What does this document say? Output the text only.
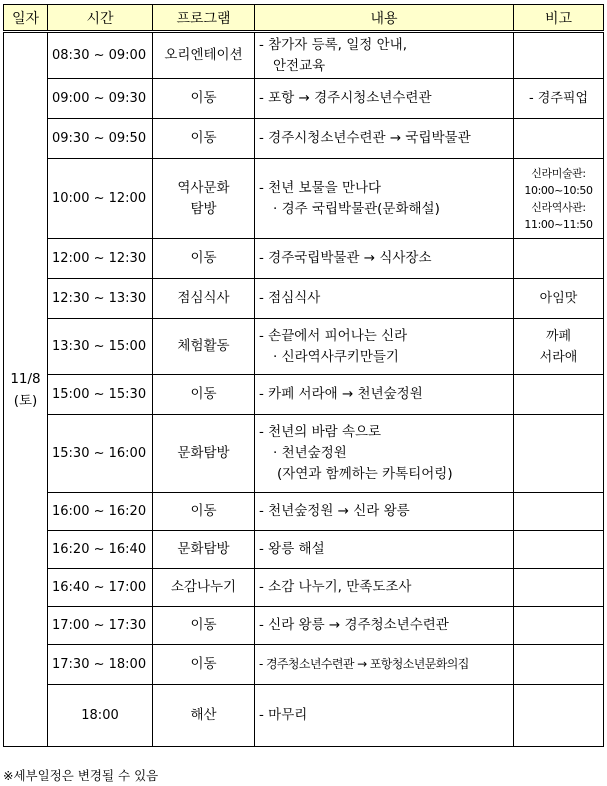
일자	시간	프로그램	내용	비고

11/8
(토)	08:30 ~ 09:00	오리엔테이션	- 참가자 등록, 일정 안내,
안전교육	

	09:00 ~ 09:30	이동	- 포항 → 경주시청소년수련관	- 경주픽업

	09:30 ~ 09:50	이동	- 경주시청소년수련관 → 국립박물관	

	10:00 ~ 12:00	역사문화
탐방	- 천년 보물을 만나다
· 경주 국립박물관(문화해설)	신라미술관:
10:00~10:50
신라역사관:
11:00~11:50

	12:00 ~ 12:30	이동	- 경주국립박물관 → 식사장소	

	12:30 ~ 13:30	점심식사	- 점심식사	아임맛

	13:30 ~ 15:00	체험활동	- 손끝에서 피어나는 신라
· 신라역사쿠키만들기	까페
서라애

	15:00 ~ 15:30	이동	- 카페 서라애 → 천년숲정원	

	15:30 ~ 16:00	문화탐방	- 천년의 바람 속으로
· 천년숲정원
(자연과 함께하는 카톡티어링)	

	16:00 ~ 16:20	이동	- 천년숲정원 → 신라 왕릉	

	16:20 ~ 16:40	문화탐방	- 왕릉 해설	

	16:40 ~ 17:00	소감나누기	- 소감 나누기, 만족도조사	

	17:00 ~ 17:30	이동	- 신라 왕릉 → 경주청소년수련관	

	17:30 ~ 18:00	이동	- 경주청소년수련관 → 포항청소년문화의집	

	18:00	해산	- 마무리	

※세부일정은 변경될 수 있음
